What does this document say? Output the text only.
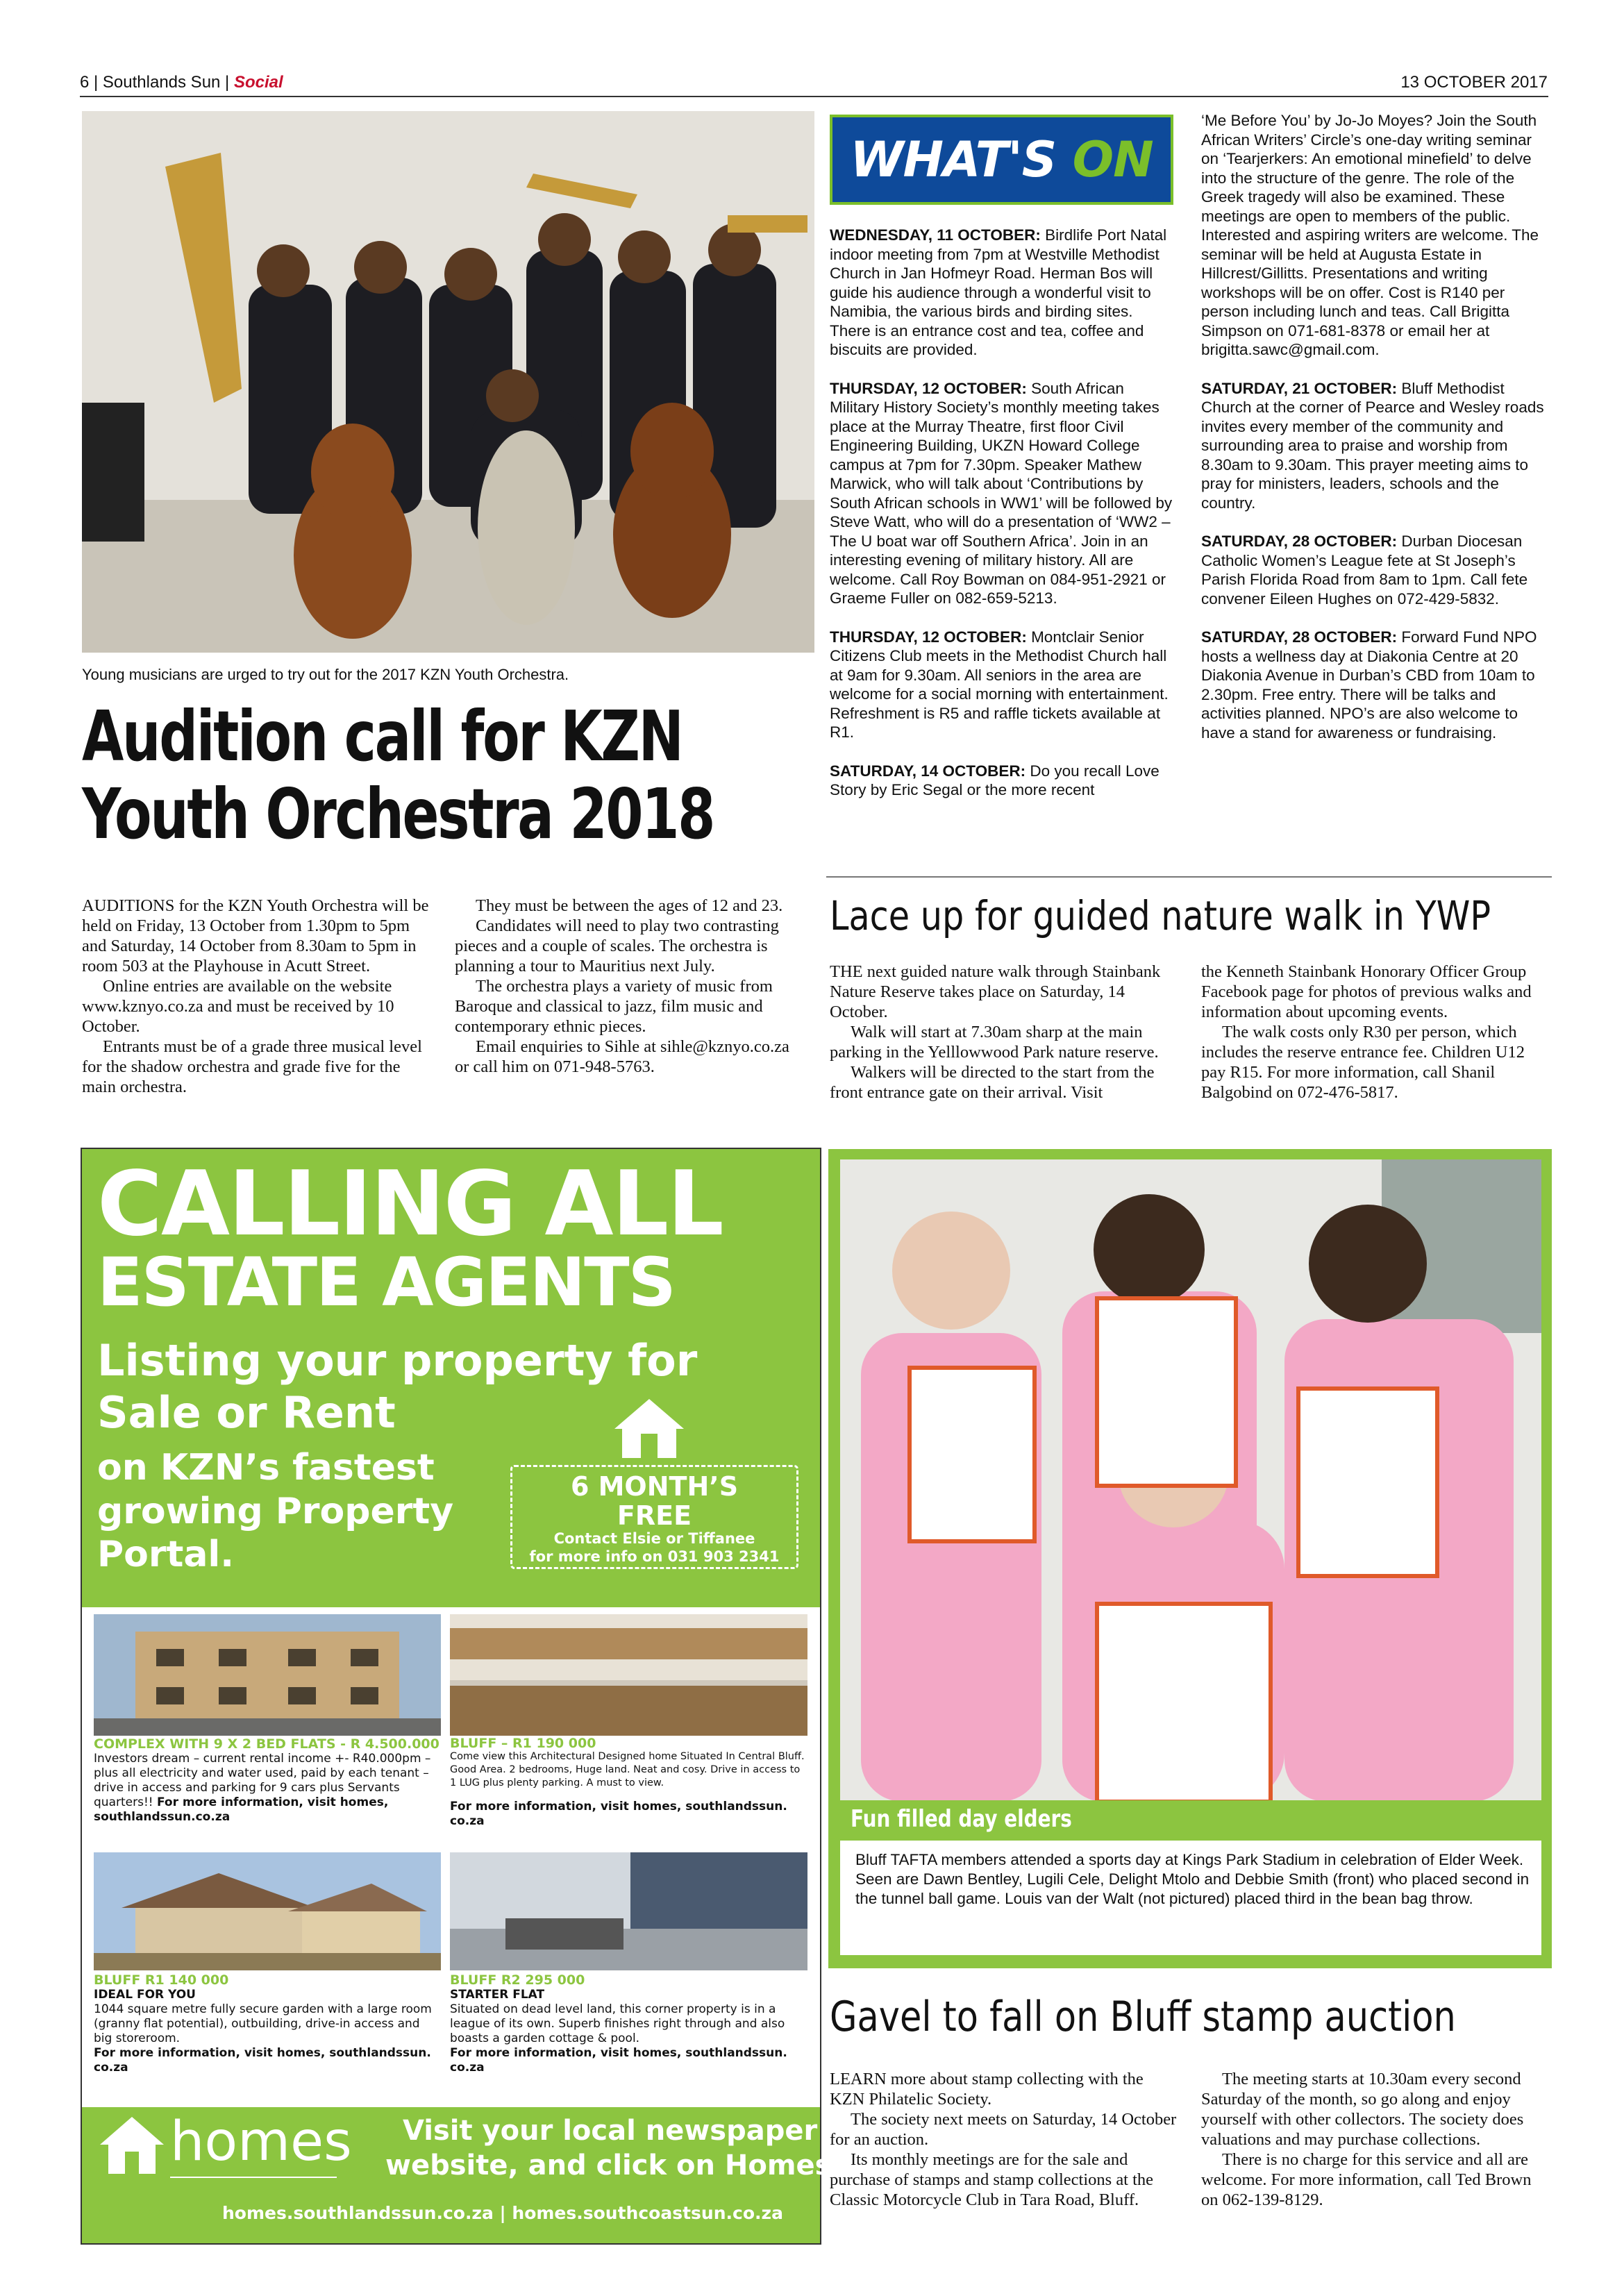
6 | Southlands Sun | Social	13 OCTOBER 2017
Young musicians are urged to try out for the 2017 KZN Youth Orchestra.
Audition call for KZN
Youth Orchestra 2018

AUDITIONS for the KZN Youth Orchestra will be held on Friday, 13 October from 1.30pm to 5pm and Saturday, 14 October from 8.30am to 5pm in room 503 at the Playhouse in Acutt Street.

Online entries are available on the website www.kznyo.co.za and must be received by 10 October.

Entrants must be of a grade three musical level for the shadow orchestra and grade five for the main orchestra.

They must be between the ages of 12 and 23.

Candidates will need to play two contrasting pieces and a couple of scales. The orchestra is planning a tour to Mauritius next July.

The orchestra plays a variety of music from Baroque and classical to jazz, film music and contemporary ethnic pieces.

Email enquiries to Sihle at sihle@kznyo.co.za or call him on 071-948-5763.

WHAT'S
ON

WEDNESDAY, 11 OCTOBER: Birdlife Port Natal indoor meeting from 7pm at Westville Methodist Church in Jan Hofmeyr Road. Herman Bos will guide his audience through a wonderful visit to Namibia, the various birds and birding sites. There is an entrance cost and tea, coffee and biscuits are provided.

THURSDAY, 12 OCTOBER: South African Military History Society’s monthly meeting takes place at the Murray Theatre, first floor Civil Engineering Building, UKZN Howard College campus at 7pm for 7.30pm. Speaker Mathew Marwick, who will talk about ‘Contributions by South African schools in WW1’ will be followed by Steve Watt, who will do a presentation of ‘WW2 – The U boat war off Southern Africa’. Join in an interesting evening of military history. All are welcome. Call Roy Bowman on 084-951-2921 or Graeme Fuller on 082-659-5213.

THURSDAY, 12 OCTOBER: Montclair Senior Citizens Club meets in the Methodist Church hall at 9am for 9.30am. All seniors in the area are welcome for a social morning with entertainment. Refreshment is R5 and raffle tickets available at R1.

SATURDAY, 14 OCTOBER: Do you recall Love Story by Eric Segal or the more recent

‘Me Before You’ by Jo-Jo Moyes? Join the South African Writers’ Circle’s one-day writing seminar on ‘Tearjerkers: An emotional minefield’ to delve into the structure of the genre. The role of the Greek tragedy will also be examined. These meetings are open to members of the public. Interested and aspiring writers are welcome. The seminar will be held at Augusta Estate in Hillcrest/Gillitts. Presentations and writing workshops will be on offer. Cost is R140 per person including lunch and teas. Call Brigitta Simpson on 071-681-8378 or email her at brigitta.sawc@gmail.com.

SATURDAY, 21 OCTOBER: Bluff Methodist Church at the corner of Pearce and Wesley roads invites every member of the community and surrounding area to praise and worship from 8.30am to 9.30am. This prayer meeting aims to pray for ministers, leaders, schools and the country.

SATURDAY, 28 OCTOBER: Durban Diocesan Catholic Women’s League fete at St Joseph’s Parish Florida Road from 8am to 1pm. Call fete convener Eileen Hughes on 072-429-5832.

SATURDAY, 28 OCTOBER: Forward Fund NPO hosts a wellness day at Diakonia Centre at 20 Diakonia Avenue in Durban’s CBD from 10am to 2.30pm. Free entry. There will be talks and activities planned. NPO’s are also welcome to have a stand for awareness or fundraising.

Lace up for guided nature walk in YWP

THE next guided nature walk through Stainbank Nature Reserve takes place on Saturday, 14 October.

Walk will start at 7.30am sharp at the main parking in the Yelllowwood Park nature reserve.

Walkers will be directed to the start from the front entrance gate on their arrival. Visit

the Kenneth Stainbank Honorary Officer Group Facebook page for photos of previous walks and information about upcoming events.

The walk costs only R30 per person, which includes the reserve entrance fee. Children U12 pay R15. For more information, call Shanil Balgobind on 072-476-5817.

CALLING ALL
ESTATE AGENTS
Listing your property for
Sale or Rent
on KZN’s fastest
growing Property
Portal.
6 MONTH’S
FREE
Contact Elsie or Tiffanee
for more info on 031 903 2341
COMPLEX WITH 9 X 2 BED FLATS - R 4.500.000
Investors dream – current rental income +- R40.000pm – plus all electricity and water used, paid by each tenant – drive in access and parking for 9 cars plus Servants quarters!! For more information, visit homes, southlandssun.co.za
BLUFF – R1 190 000
Come view this Architectural Designed home Situated In Central Bluff. Good Area. 2 bedrooms, Huge land. Neat and cosy. Drive in access to 1 LUG plus plenty parking. A must to view.
For more information, visit homes, southlandssun. co.za
BLUFF R1 140 000
IDEAL FOR YOU
1044 square metre fully secure garden with a large room (granny flat potential), outbuilding, drive-in access and big storeroom.
For more information, visit homes, southlandssun. co.za
BLUFF R2 295 000
STARTER FLAT
Situated on dead level land, this corner property is in a league of its own. Superb finishes right through and also boasts a garden cottage & pool.
For more information, visit homes, southlandssun. co.za
homes Visit your local newspaper
website, and click on Homes!
homes.southlandssun.co.za | homes.southcoastsun.co.za
Fun filled day elders
Bluff TAFTA members attended a sports day at Kings Park Stadium in celebration of Elder Week. Seen are Dawn Bentley, Lugili Cele, Delight Mtolo and Debbie Smith (front) who placed second in the tunnel ball game. Louis van der Walt (not pictured) placed third in the bean bag throw.
Gavel to fall on Bluff stamp auction

LEARN more about stamp collecting with the KZN Philatelic Society.

The society next meets on Saturday, 14 October for an auction.

Its monthly meetings are for the sale and purchase of stamps and stamp collections at the Classic Motorcycle Club in Tara Road, Bluff.

The meeting starts at 10.30am every second Saturday of the month, so go along and enjoy yourself with other collectors. The society does valuations and may purchase collections.

There is no charge for this service and all are welcome. For more information, call Ted Brown on 062-139-8129.
